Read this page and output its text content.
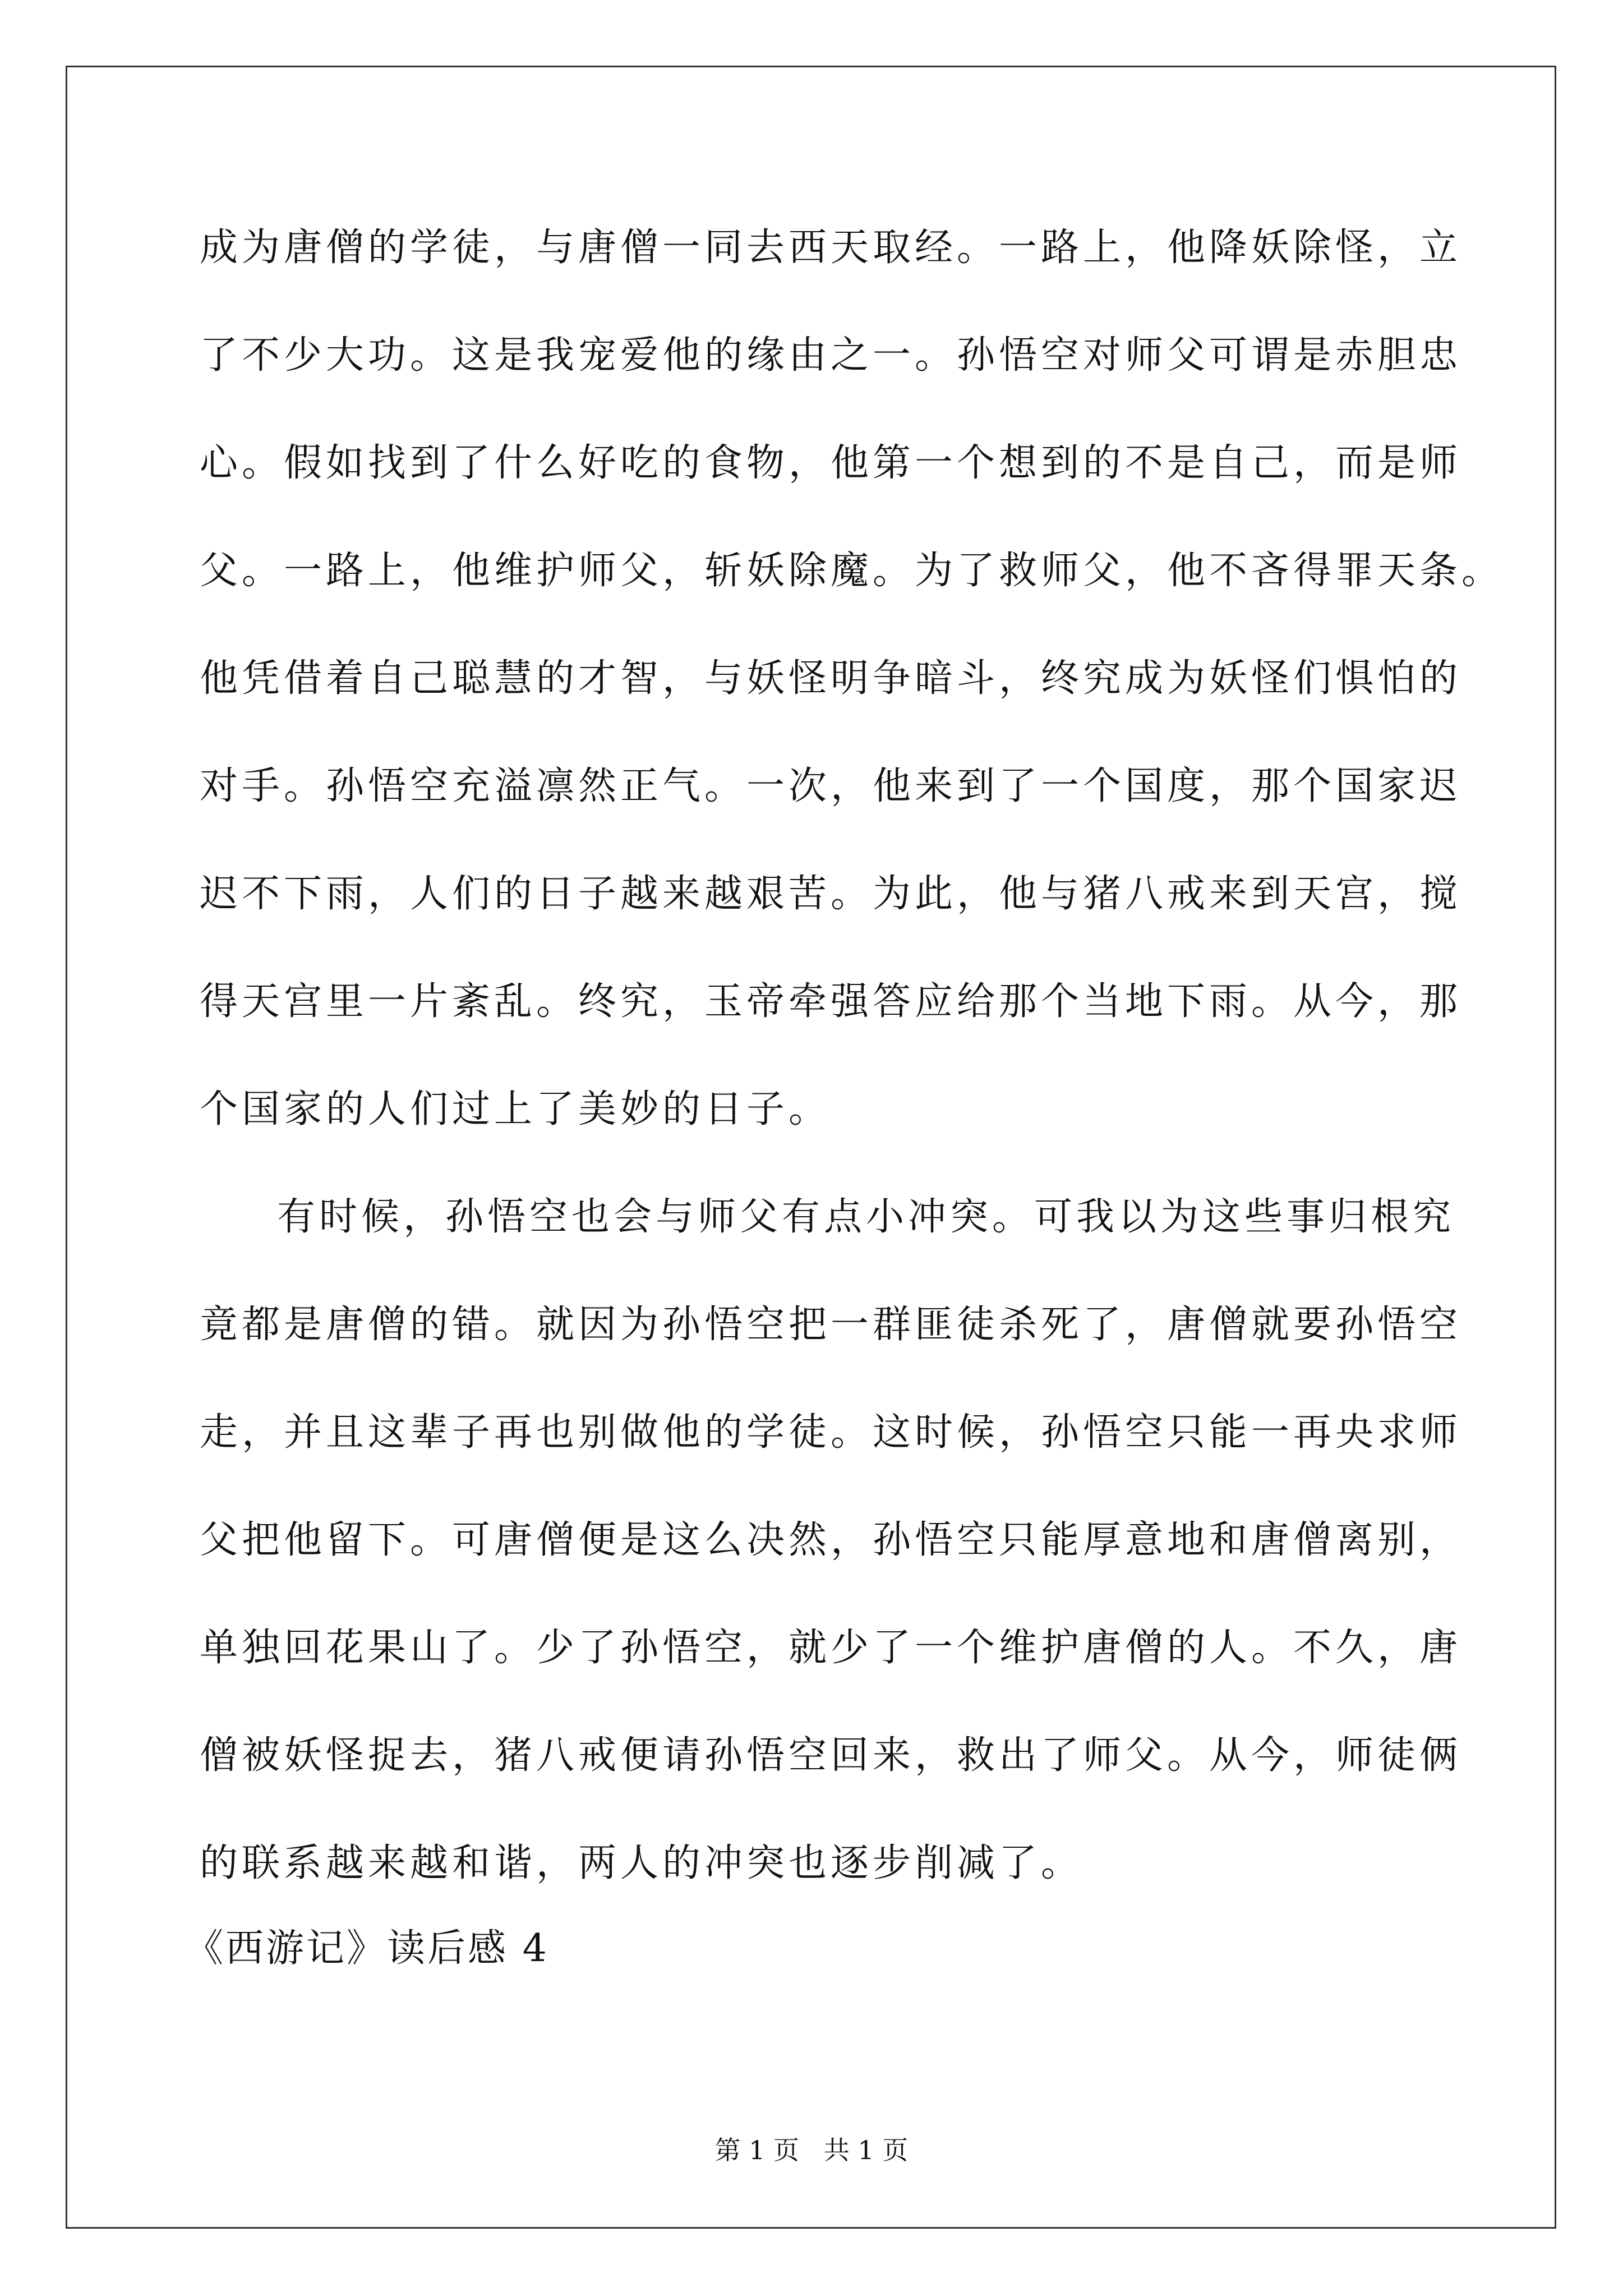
成为唐僧的学徒，与唐僧一同去西天取经。一路上，他降妖除怪，立
了不少大功。这是我宠爱他的缘由之一。孙悟空对师父可谓是赤胆忠
心。假如找到了什么好吃的食物，他第一个想到的不是自己，而是师
父。一路上，他维护师父，斩妖除魔。为了救师父，他不吝得罪天条。
他凭借着自己聪慧的才智，与妖怪明争暗斗，终究成为妖怪们惧怕的
对手。孙悟空充溢凛然正气。一次，他来到了一个国度，那个国家迟
迟不下雨，人们的日子越来越艰苦。为此，他与猪八戒来到天宫，搅
得天宫里一片紊乱。终究，玉帝牵强答应给那个当地下雨。从今，那
个国家的人们过上了美妙的日子。
有时候，孙悟空也会与师父有点小冲突。可我以为这些事归根究
竟都是唐僧的错。就因为孙悟空把一群匪徒杀死了，唐僧就要孙悟空
走，并且这辈子再也别做他的学徒。这时候，孙悟空只能一再央求师
父把他留下。可唐僧便是这么决然，孙悟空只能厚意地和唐僧离别，
单独回花果山了。少了孙悟空，就少了一个维护唐僧的人。不久，唐
僧被妖怪捉去，猪八戒便请孙悟空回来，救出了师父。从今，师徒俩
的联系越来越和谐，两人的冲突也逐步削减了。
《西游记》读后感 4
第 1 页   共 1 页
